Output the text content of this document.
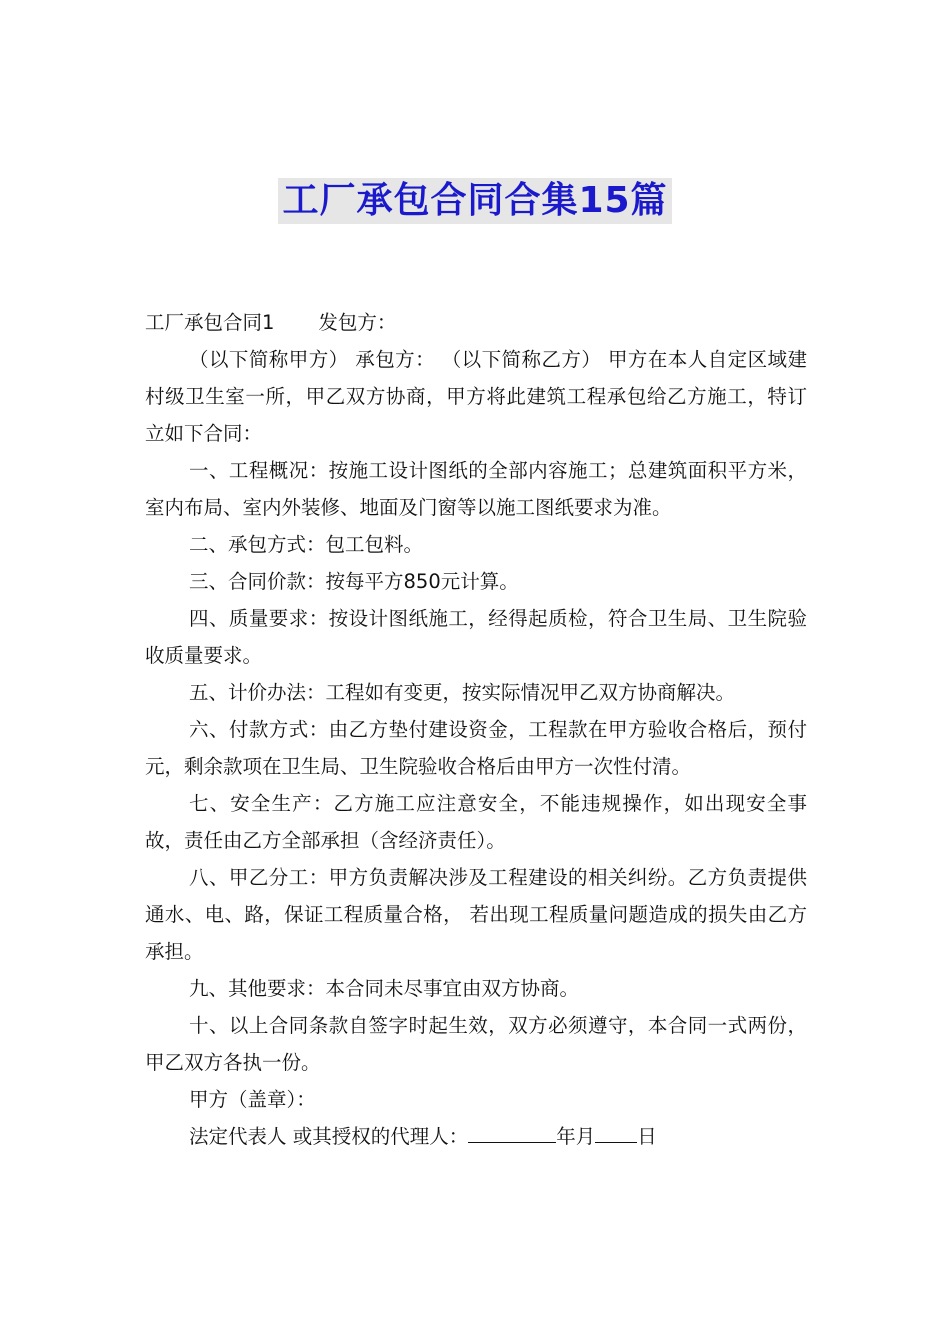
工厂承包合同合集15篇

工厂承包合同1 发包方：

（以下简称甲方） 承包方： （以下简称乙方） 甲方在本人自定区域建村级卫生室一所，甲乙双方协商，甲方将此建筑工程承包给乙方施工，特订立如下合同：

一、工程概况：按施工设计图纸的全部内容施工；总建筑面积平方米，室内布局、室内外装修、地面及门窗等以施工图纸要求为准。

二、承包方式：包工包料。

三、合同价款：按每平方850元计算。

四、质量要求：按设计图纸施工，经得起质检，符合卫生局、卫生院验收质量要求。

五、计价办法：工程如有变更，按实际情况甲乙双方协商解决。

六、付款方式：由乙方垫付建设资金，工程款在甲方验收合格后，预付 元，剩余款项在卫生局、卫生院验收合格后由甲方一次性付清。

七、安全生产：乙方施工应注意安全，不能违规操作，如出现安全事故，责任由乙方全部承担（含经济责任）。

八、甲乙分工：甲方负责解决涉及工程建设的相关纠纷。乙方负责提供通水、电、路，保证工程质量合格， 若出现工程质量问题造成的损失由乙方承担。

九、其他要求：本合同未尽事宜由双方协商。

十、以上合同条款自签字时起生效，双方必须遵守，本合同一式两份，甲乙双方各执一份。

甲方（盖章）：

法定代表人 或其授权的代理人：	年月 日
